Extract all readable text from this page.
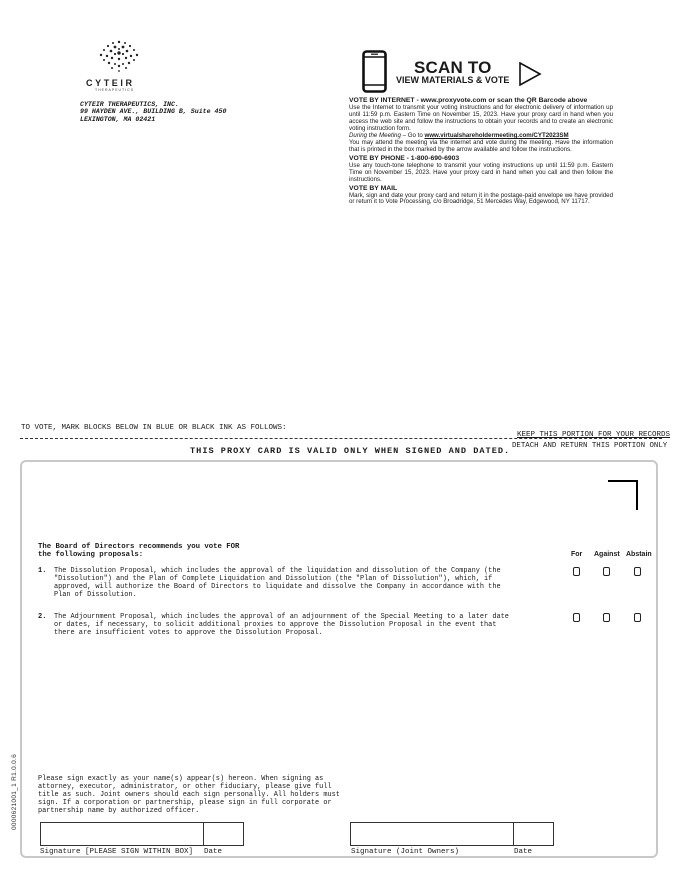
CYTEIR
THERAPEUTICS
CYTEIR THERAPEUTICS, INC.
99 HAYDEN AVE., BUILDING B, Suite 450
LEXINGTON, MA 02421
SCAN TO
VIEW MATERIALS & VOTE
VOTE BY INTERNET - www.proxyvote.com or scan the QR Barcode above

Use the Internet to transmit your voting instructions and for electronic delivery of information up until 11:59 p.m. Eastern Time on November 15, 2023. Have your proxy card in hand when you access the web site and follow the instructions to obtain your records and to create an electronic voting instruction form.

During the Meeting – Go to www.virtualshareholdermeeting.com/CYT2023SM

You may attend the meeting via the internet and vote during the meeting. Have the information that is printed in the box marked by the arrow available and follow the instructions.

VOTE BY PHONE - 1-800-690-6903

Use any touch-tone telephone to transmit your voting instructions up until 11:59 p.m. Eastern Time on November 15, 2023. Have your proxy card in hand when you call and then follow the instructions.

VOTE BY MAIL

Mark, sign and date your proxy card and return it in the postage-paid envelope we have provided or return it to Vote Processing, c/o Broadridge, 51 Mercedes Way, Edgewood, NY 11717.

TO VOTE, MARK BLOCKS BELOW IN BLUE OR BLACK INK AS FOLLOWS:
KEEP THIS PORTION FOR YOUR RECORDS
THIS PROXY CARD IS VALID ONLY WHEN SIGNED AND DATED. DETACH AND RETURN THIS PORTION ONLY
The Board of Directors recommends you vote FOR
the following proposals:	For Against Abstain
1. The Dissolution Proposal, which includes the approval of the liquidation and dissolution of the Company (the
"Dissolution") and the Plan of Complete Liquidation and Dissolution (the "Plan of Dissolution"), which, if
approved, will authorize the Board of Directors to liquidate and dissolve the Company in accordance with the
Plan of Dissolution.
2. The Adjournment Proposal, which includes the approval of an adjournment of the Special Meeting to a later date
or dates, if necessary, to solicit additional proxies to approve the Dissolution Proposal in the event that
there are insufficient votes to approve the Dissolution Proposal.
Please sign exactly as your name(s) appear(s) hereon. When signing as
attorney, executor, administrator, or other fiduciary, please give full
title as such. Joint owners should each sign personally. All holders must
sign. If a corporation or partnership, please sign in full corporate or
partnership name by authorized officer.
Signature [PLEASE SIGN WITHIN BOX] Date	Signature (Joint Owners)	Date
0000621001_1 R1.0.0.6
